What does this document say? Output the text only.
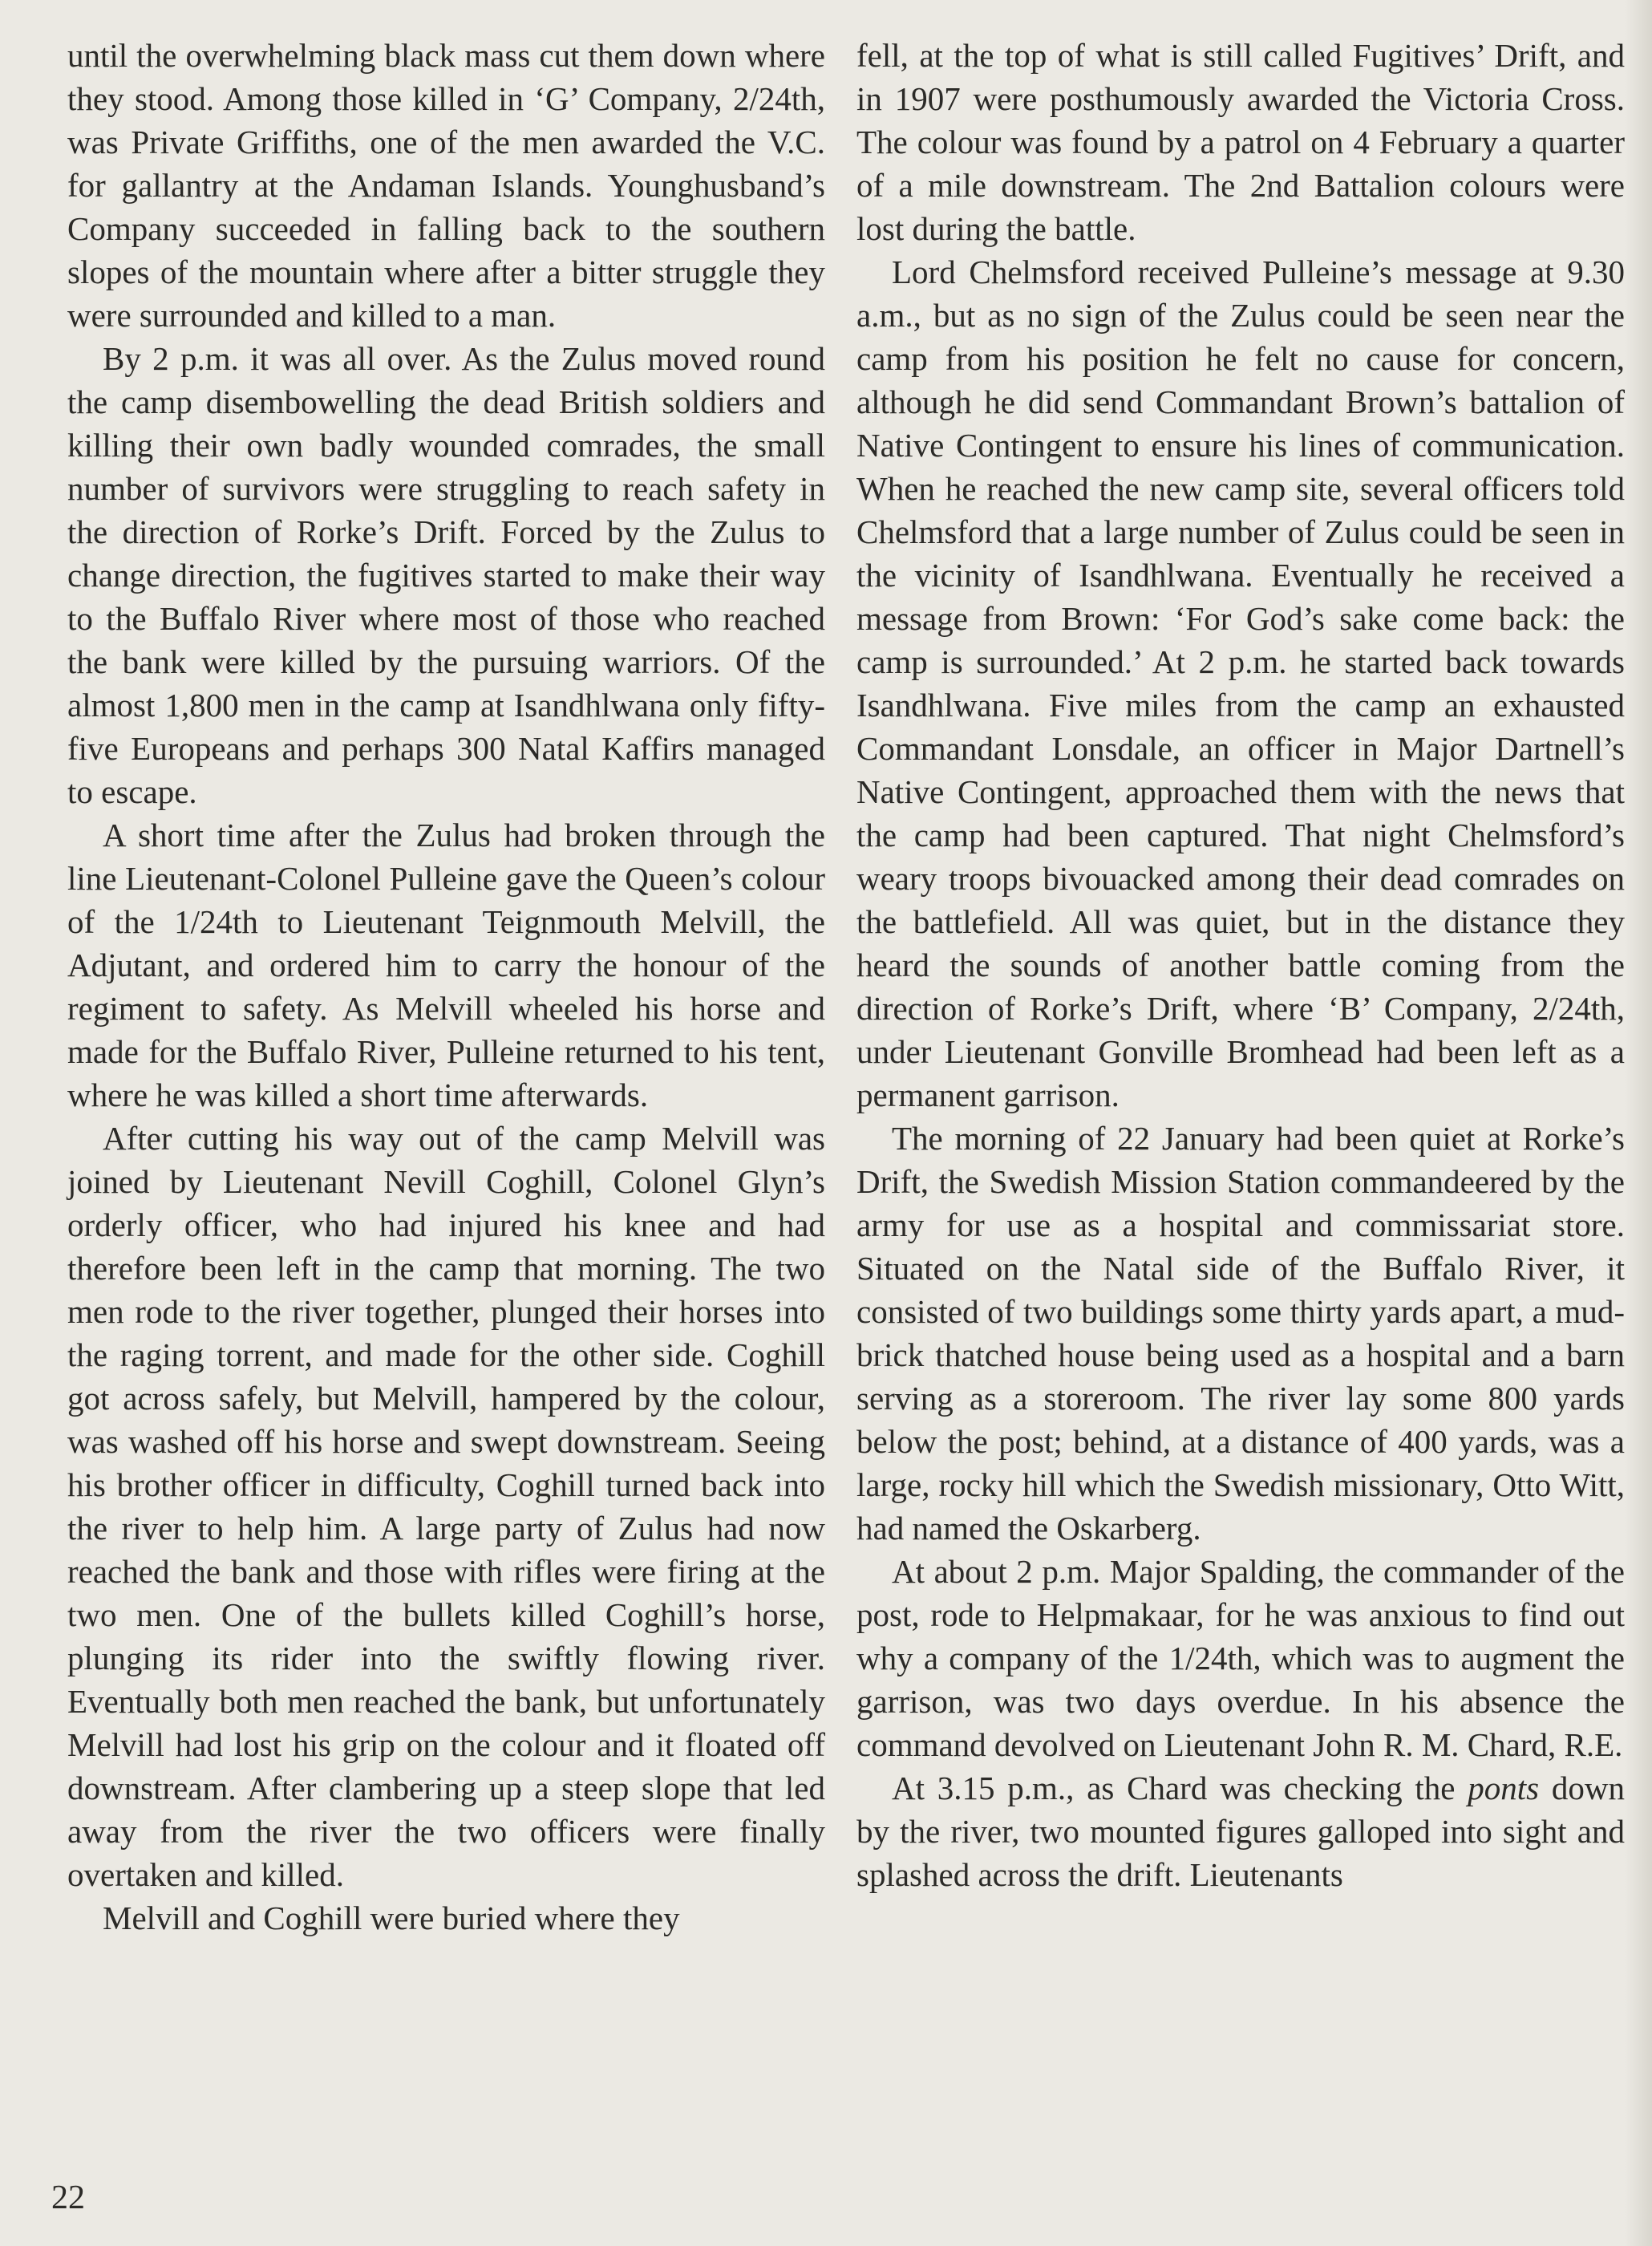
until the overwhelming black mass cut them down where they stood. Among those killed in ‘G’ Company, 2/24th, was Private Griffiths, one of the men awarded the V.C. for gallantry at the Andaman Islands. Younghusband’s Company succeeded in falling back to the southern slopes of the mountain where after a bitter struggle they were surrounded and killed to a man.

By 2 p.m. it was all over. As the Zulus moved round the camp disembowelling the dead British soldiers and killing their own badly wounded comrades, the small number of survivors were struggling to reach safety in the direction of Rorke’s Drift. Forced by the Zulus to change direction, the fugitives started to make their way to the Buffalo River where most of those who reached the bank were killed by the pursuing warriors. Of the almost 1,800 men in the camp at Isandhlwana only fifty-five Europeans and perhaps 300 Natal Kaffirs managed to escape.

A short time after the Zulus had broken through the line Lieutenant-Colonel Pulleine gave the Queen’s colour of the 1/24th to Lieutenant Teignmouth Melvill, the Adjutant, and ordered him to carry the honour of the regiment to safety. As Melvill wheeled his horse and made for the Buffalo River, Pulleine returned to his tent, where he was killed a short time afterwards.

After cutting his way out of the camp Melvill was joined by Lieutenant Nevill Coghill, Colonel Glyn’s orderly officer, who had injured his knee and had therefore been left in the camp that morning. The two men rode to the river together, plunged their horses into the raging torrent, and made for the other side. Coghill got across safely, but Melvill, hampered by the colour, was washed off his horse and swept downstream. Seeing his brother officer in difficulty, Coghill turned back into the river to help him. A large party of Zulus had now reached the bank and those with rifles were firing at the two men. One of the bullets killed Coghill’s horse, plunging its rider into the swiftly flowing river. Eventually both men reached the bank, but unfortunately Melvill had lost his grip on the colour and it floated off downstream. After clambering up a steep slope that led away from the river the two officers were finally overtaken and killed.

Melvill and Coghill were buried where they

fell, at the top of what is still called Fugitives’ Drift, and in 1907 were posthumously awarded the Victoria Cross. The colour was found by a patrol on 4 February a quarter of a mile downstream. The 2nd Battalion colours were lost during the battle.

Lord Chelmsford received Pulleine’s message at 9.30 a.m., but as no sign of the Zulus could be seen near the camp from his position he felt no cause for concern, although he did send Commandant Brown’s battalion of Native Contingent to ensure his lines of communication. When he reached the new camp site, several officers told Chelmsford that a large number of Zulus could be seen in the vicinity of Isandhlwana. Eventually he received a message from Brown: ‘For God’s sake come back: the camp is surrounded.’ At 2 p.m. he started back towards Isandhlwana. Five miles from the camp an exhausted Commandant Lonsdale, an officer in Major Dartnell’s Native Contingent, approached them with the news that the camp had been captured. That night Chelmsford’s weary troops bivouacked among their dead comrades on the battlefield. All was quiet, but in the distance they heard the sounds of another battle coming from the direction of Rorke’s Drift, where ‘B’ Company, 2/24th, under Lieutenant Gonville Bromhead had been left as a permanent garrison.

The morning of 22 January had been quiet at Rorke’s Drift, the Swedish Mission Station commandeered by the army for use as a hospital and commissariat store. Situated on the Natal side of the Buffalo River, it consisted of two buildings some thirty yards apart, a mud-brick thatched house being used as a hospital and a barn serving as a storeroom. The river lay some 800 yards below the post; behind, at a distance of 400 yards, was a large, rocky hill which the Swedish missionary, Otto Witt, had named the Oskarberg.

At about 2 p.m. Major Spalding, the commander of the post, rode to Helpmakaar, for he was anxious to find out why a company of the 1/24th, which was to augment the garrison, was two days overdue. In his absence the command devolved on Lieutenant John R. M. Chard, R.E.

At 3.15 p.m., as Chard was checking the ponts down by the river, two mounted figures galloped into sight and splashed across the drift. Lieutenants

22
